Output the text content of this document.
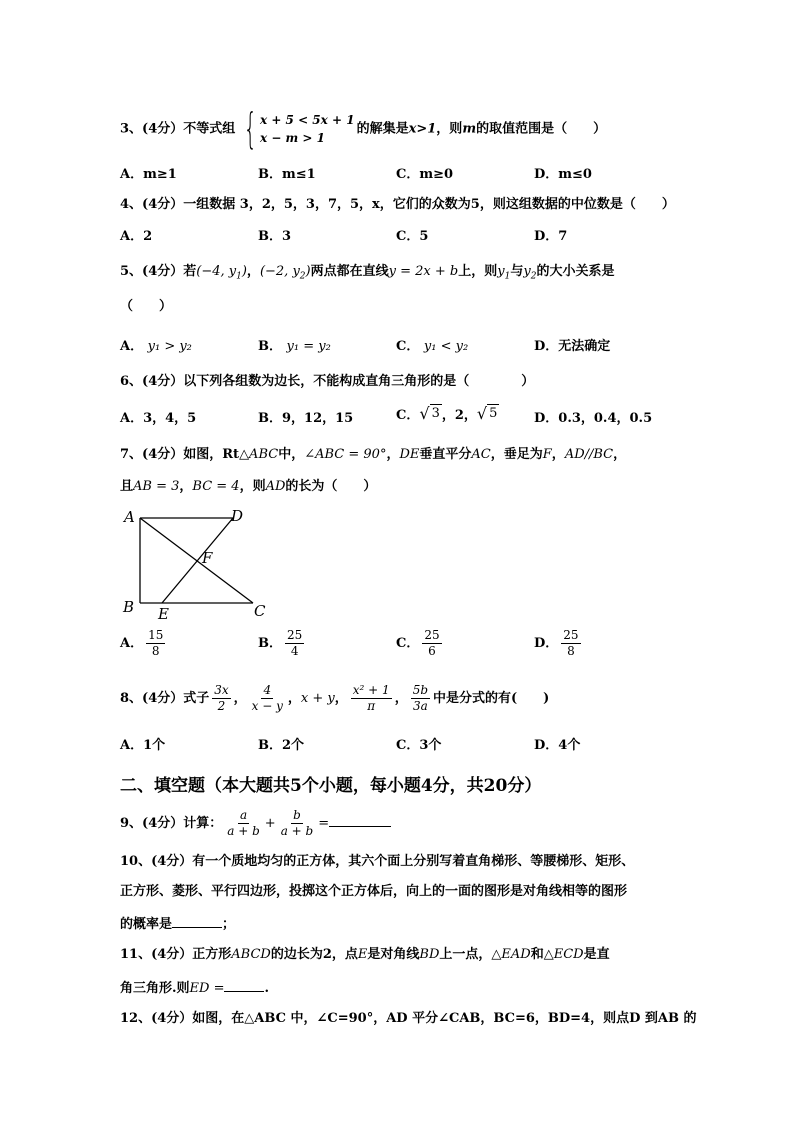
3、(4分）不等式组 { x + 5 < 5x + 1
x − m > 1
的解集是x>1，则m的取值范围是（　　）
A．m≥1	B．m≤1	C．m≥0	D．m≤0
4、(4分）一组数据 3，2，5，3，7，5，x，它们的众数为5，则这组数据的中位数是（　　）
A．2	B．3	C．5	D．7
5、(4分）若(−4, $y_1$)，(−2, $y_2$)两点都在直线y = 2x + b上，则$y_1$与$y_2$的大小关系是
（　　）
A． y₁ > y₂	B． y₁ = y₂	C． y₁ < y₂	D．无法确定
6、(4分）以下列各组数为边长，不能构成直角三角形的是（　　　　）
A．3，4，5	B．9，12，15	C． √ 3 ，2， √ 5	D．0.3，0.4，0.5
7、(4分）如图，Rt△ABC中，∠ABC = 90°，DE垂直平分AC，垂足为F，AD//BC，
且AB = 3，BC = 4，则AD的长为（　　）
A	D
F
B E	C
A． $\frac{15}{8}$	B． $\frac{25}{4}$	C． $\frac{25}{6}$	D． $\frac{25}{8}$
8、(4分）式子 $\frac{3x}{2}$ ， $\frac{4}{x - y}$ ，x + y， $\frac{\text{x² + 1}}{\pi}$ ， $\frac{5b}{3a}$ 中是分式的有(　　)
A．1个	B．2个	C．3个	D．4个
二、填空题（本大题共5个小题，每小题4分，共20分）
9、(4分）计算： $\frac{a}{a + b} + \frac{b}{a + b}$ =
10、(4分）有一个质地均匀的正方体，其六个面上分别写着直角梯形、等腰梯形、矩形、
正方形、菱形、平行四边形，投掷这个正方体后，向上的一面的图形是对角线相等的图形
的概率是	；
11、(4分）正方形ABCD的边长为2，点E是对角线BD上一点，△EAD和△ECD是直
角三角形.则ED =	.
12、(4分）如图，在△ABC 中，∠C=90°，AD 平分∠CAB，BC=6，BD=4，则点D 到AB 的
